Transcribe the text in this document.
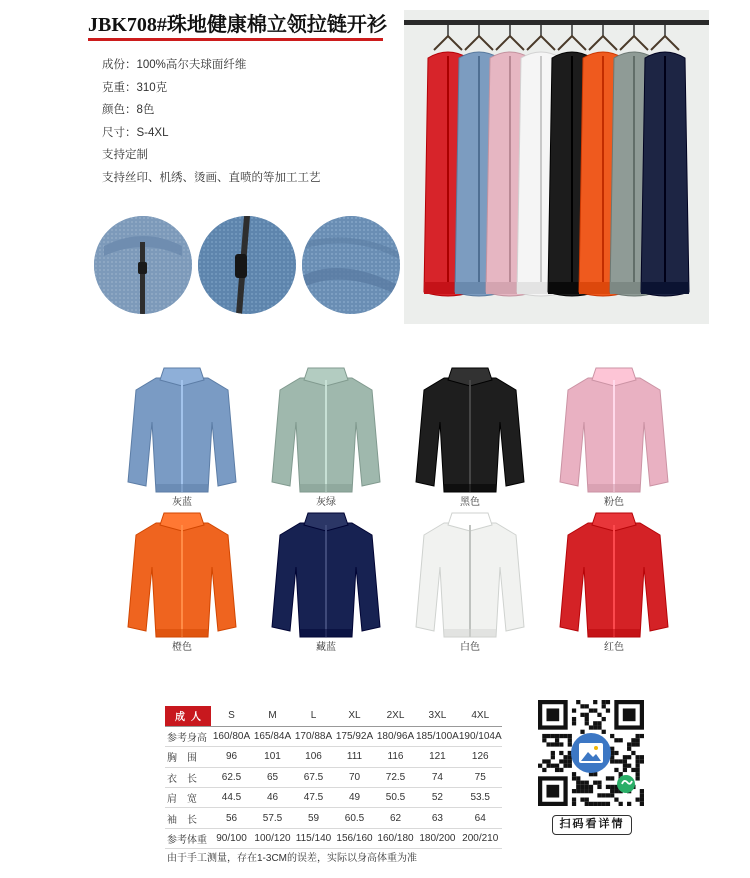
JBK708#珠地健康棉立领拉链开衫
成份：100%高尔夫球面纤维
克重：310克
颜色：8色
尺寸：S-4XL
支持定制
支持丝印、机绣、烫画、直喷的等加工工艺
灰蓝	灰绿	黑色	粉色
橙色	藏蓝	白色	红色
成人	S	M	L	XL	2XL	3XL	4XL
参考身高	160/80A	165/84A	170/88A	175/92A	180/96A	185/100A	190/104A
胸　围	96	101	106	111	116	121	126
衣　长	62.5	65	67.5	70	72.5	74	75
肩　宽	44.5	46	47.5	49	50.5	52	53.5
袖　长	56	57.5	59	60.5	62	63	64
参考体重	90/100	100/120	115/140	156/160	160/180	180/200	200/210
由于手工测量，存在1-3CM的误差，实际以身高体重为准
扫码看详情
